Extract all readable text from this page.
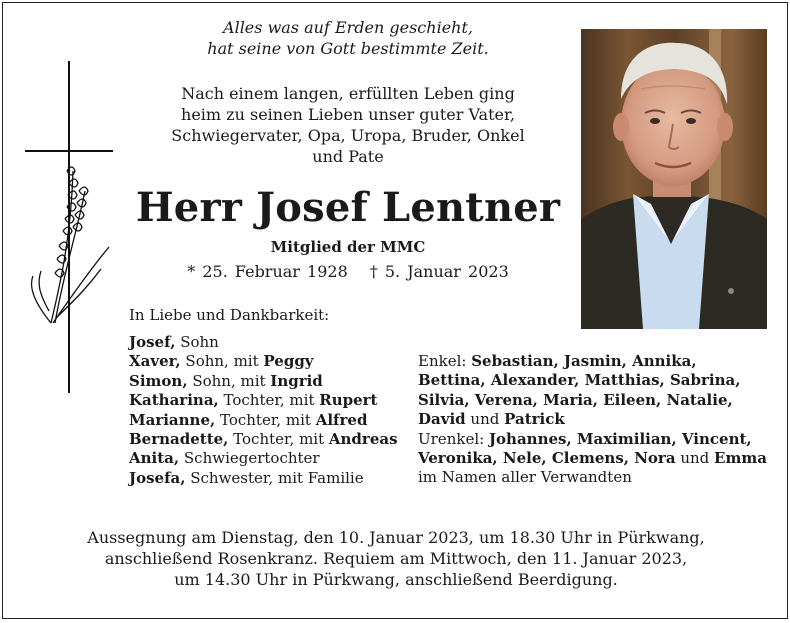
Alles was auf Erden geschieht,
hat seine von Gott bestimmte Zeit.
Nach einem langen, erfüllten Leben ging
heim zu seinen Lieben unser guter Vater,
Schwiegervater, Opa, Uropa, Bruder, Onkel
und Pate
Herr Josef Lentner
Mitglied der MMC
* 25. Februar 1928 † 5. Januar 2023
In Liebe und Dankbarkeit:
Josef, Sohn
Xaver, Sohn, mit Peggy
Simon, Sohn, mit Ingrid
Katharina, Tochter, mit Rupert
Marianne, Tochter, mit Alfred
Bernadette, Tochter, mit Andreas
Anita, Schwiegertochter
Josefa, Schwester, mit Familie
Enkel: Sebastian, Jasmin, Annika,
Bettina, Alexander, Matthias, Sabrina,
Silvia, Verena, Maria, Eileen, Natalie,
David und Patrick
Urenkel: Johannes, Maximilian, Vincent,
Veronika, Nele, Clemens, Nora und Emma
im Namen aller Verwandten
Aussegnung am Dienstag, den 10. Januar 2023, um 18.30 Uhr in Pürkwang,
anschließend Rosenkranz. Requiem am Mittwoch, den 11. Januar 2023,
um 14.30 Uhr in Pürkwang, anschließend Beerdigung.
